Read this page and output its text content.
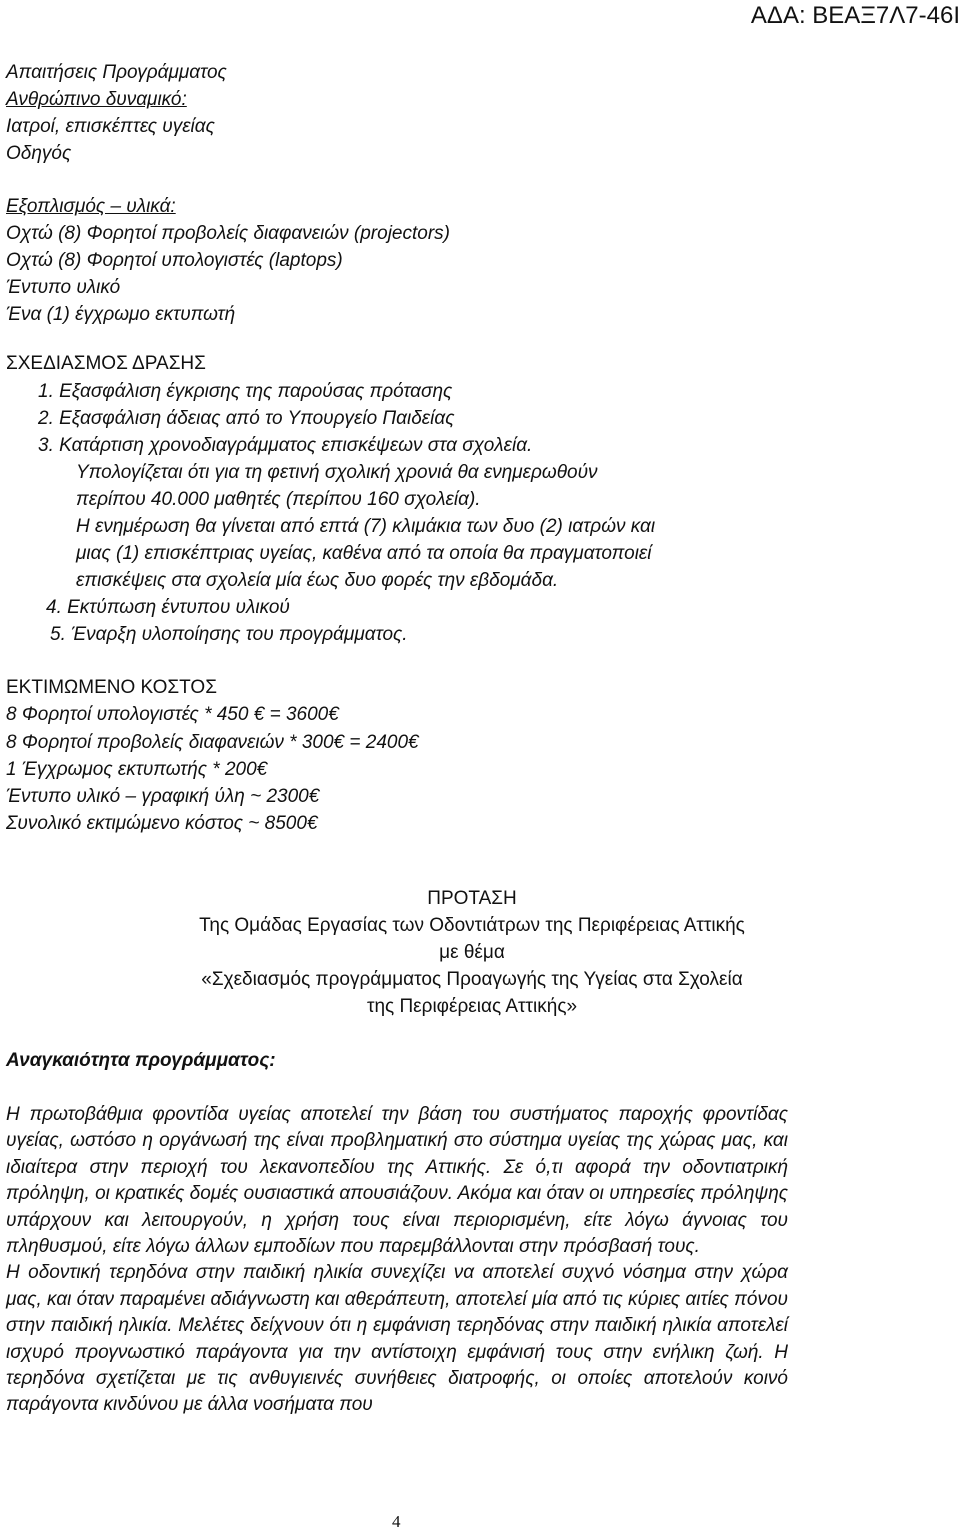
ΑΔΑ: ΒΕΑΞ7Λ7-46Ι
Απαιτήσεις Προγράμματος
Ανθρώπινο δυναμικό:
Ιατροί, επισκέπτες υγείας
Οδηγός
Εξοπλισμός – υλικά:
Οχτώ (8) Φορητοί προβολείς διαφανειών (projectors)
Οχτώ (8) Φορητοί υπολογιστές (laptops)
Έντυπο υλικό
Ένα (1) έγχρωμο εκτυπωτή
ΣΧΕΔΙΑΣΜΟΣ ΔΡΑΣΗΣ
1. Εξασφάλιση έγκρισης της παρούσας πρότασης
2. Εξασφάλιση άδειας από το Υπουργείο Παιδείας
3. Κατάρτιση χρονοδιαγράμματος επισκέψεων στα σχολεία.
Υπολογίζεται ότι για τη φετινή σχολική χρονιά θα ενημερωθούν
περίπου 40.000 μαθητές (περίπου 160 σχολεία).
Η ενημέρωση θα γίνεται από επτά (7) κλιμάκια των δυο (2) ιατρών και
μιας (1) επισκέπτριας υγείας, καθένα από τα οποία θα πραγματοποιεί
επισκέψεις στα σχολεία μία έως δυο φορές την εβδομάδα.
4. Εκτύπωση έντυπου υλικού
5. Έναρξη υλοποίησης του προγράμματος.
ΕΚΤΙΜΩΜΕΝΟ ΚΟΣΤΟΣ
8 Φορητοί υπολογιστές * 450 € = 3600€
8 Φορητοί προβολείς διαφανειών * 300€ = 2400€
1 Έγχρωμος εκτυπωτής * 200€
Έντυπο υλικό – γραφική ύλη ~ 2300€
Συνολικό εκτιμώμενο κόστος ~ 8500€
ΠΡΟΤΑΣΗ
Της Ομάδας Εργασίας των Οδοντιάτρων της Περιφέρειας Αττικής
με θέμα
«Σχεδιασμός προγράμματος Προαγωγής της Υγείας στα Σχολεία
της Περιφέρειας Αττικής»
Αναγκαιότητα προγράμματος:

Η πρωτοβάθμια φροντίδα υγείας αποτελεί την βάση του συστήματος παροχής φροντίδας υγείας, ωστόσο η οργάνωσή της είναι προβληματική στο σύστημα υγείας της χώρας μας, και ιδιαίτερα στην περιοχή του λεκανοπεδίου της Αττικής. Σε ό,τι αφορά την οδοντιατρική πρόληψη, οι κρατικές δομές ουσιαστικά απουσιάζουν. Ακόμα και όταν οι υπηρεσίες πρόληψης υπάρχουν και λειτουργούν, η χρήση τους είναι περιορισμένη, είτε λόγω άγνοιας του πληθυσμού, είτε λόγω άλλων εμποδίων που παρεμβάλλονται στην πρόσβασή τους.

Η οδοντική τερηδόνα στην παιδική ηλικία συνεχίζει να αποτελεί συχνό νόσημα στην χώρα μας, και όταν παραμένει αδιάγνωστη και αθεράπευτη, αποτελεί μία από τις κύριες αιτίες πόνου στην παιδική ηλικία. Μελέτες δείχνουν ότι η εμφάνιση τερηδόνας στην παιδική ηλικία αποτελεί ισχυρό προγνωστικό παράγοντα για την αντίστοιχη εμφάνισή τους στην ενήλικη ζωή. Η τερηδόνα σχετίζεται με τις ανθυγιεινές συνήθειες διατροφής, οι οποίες αποτελούν κοινό παράγοντα κινδύνου με άλλα νοσήματα που

4
